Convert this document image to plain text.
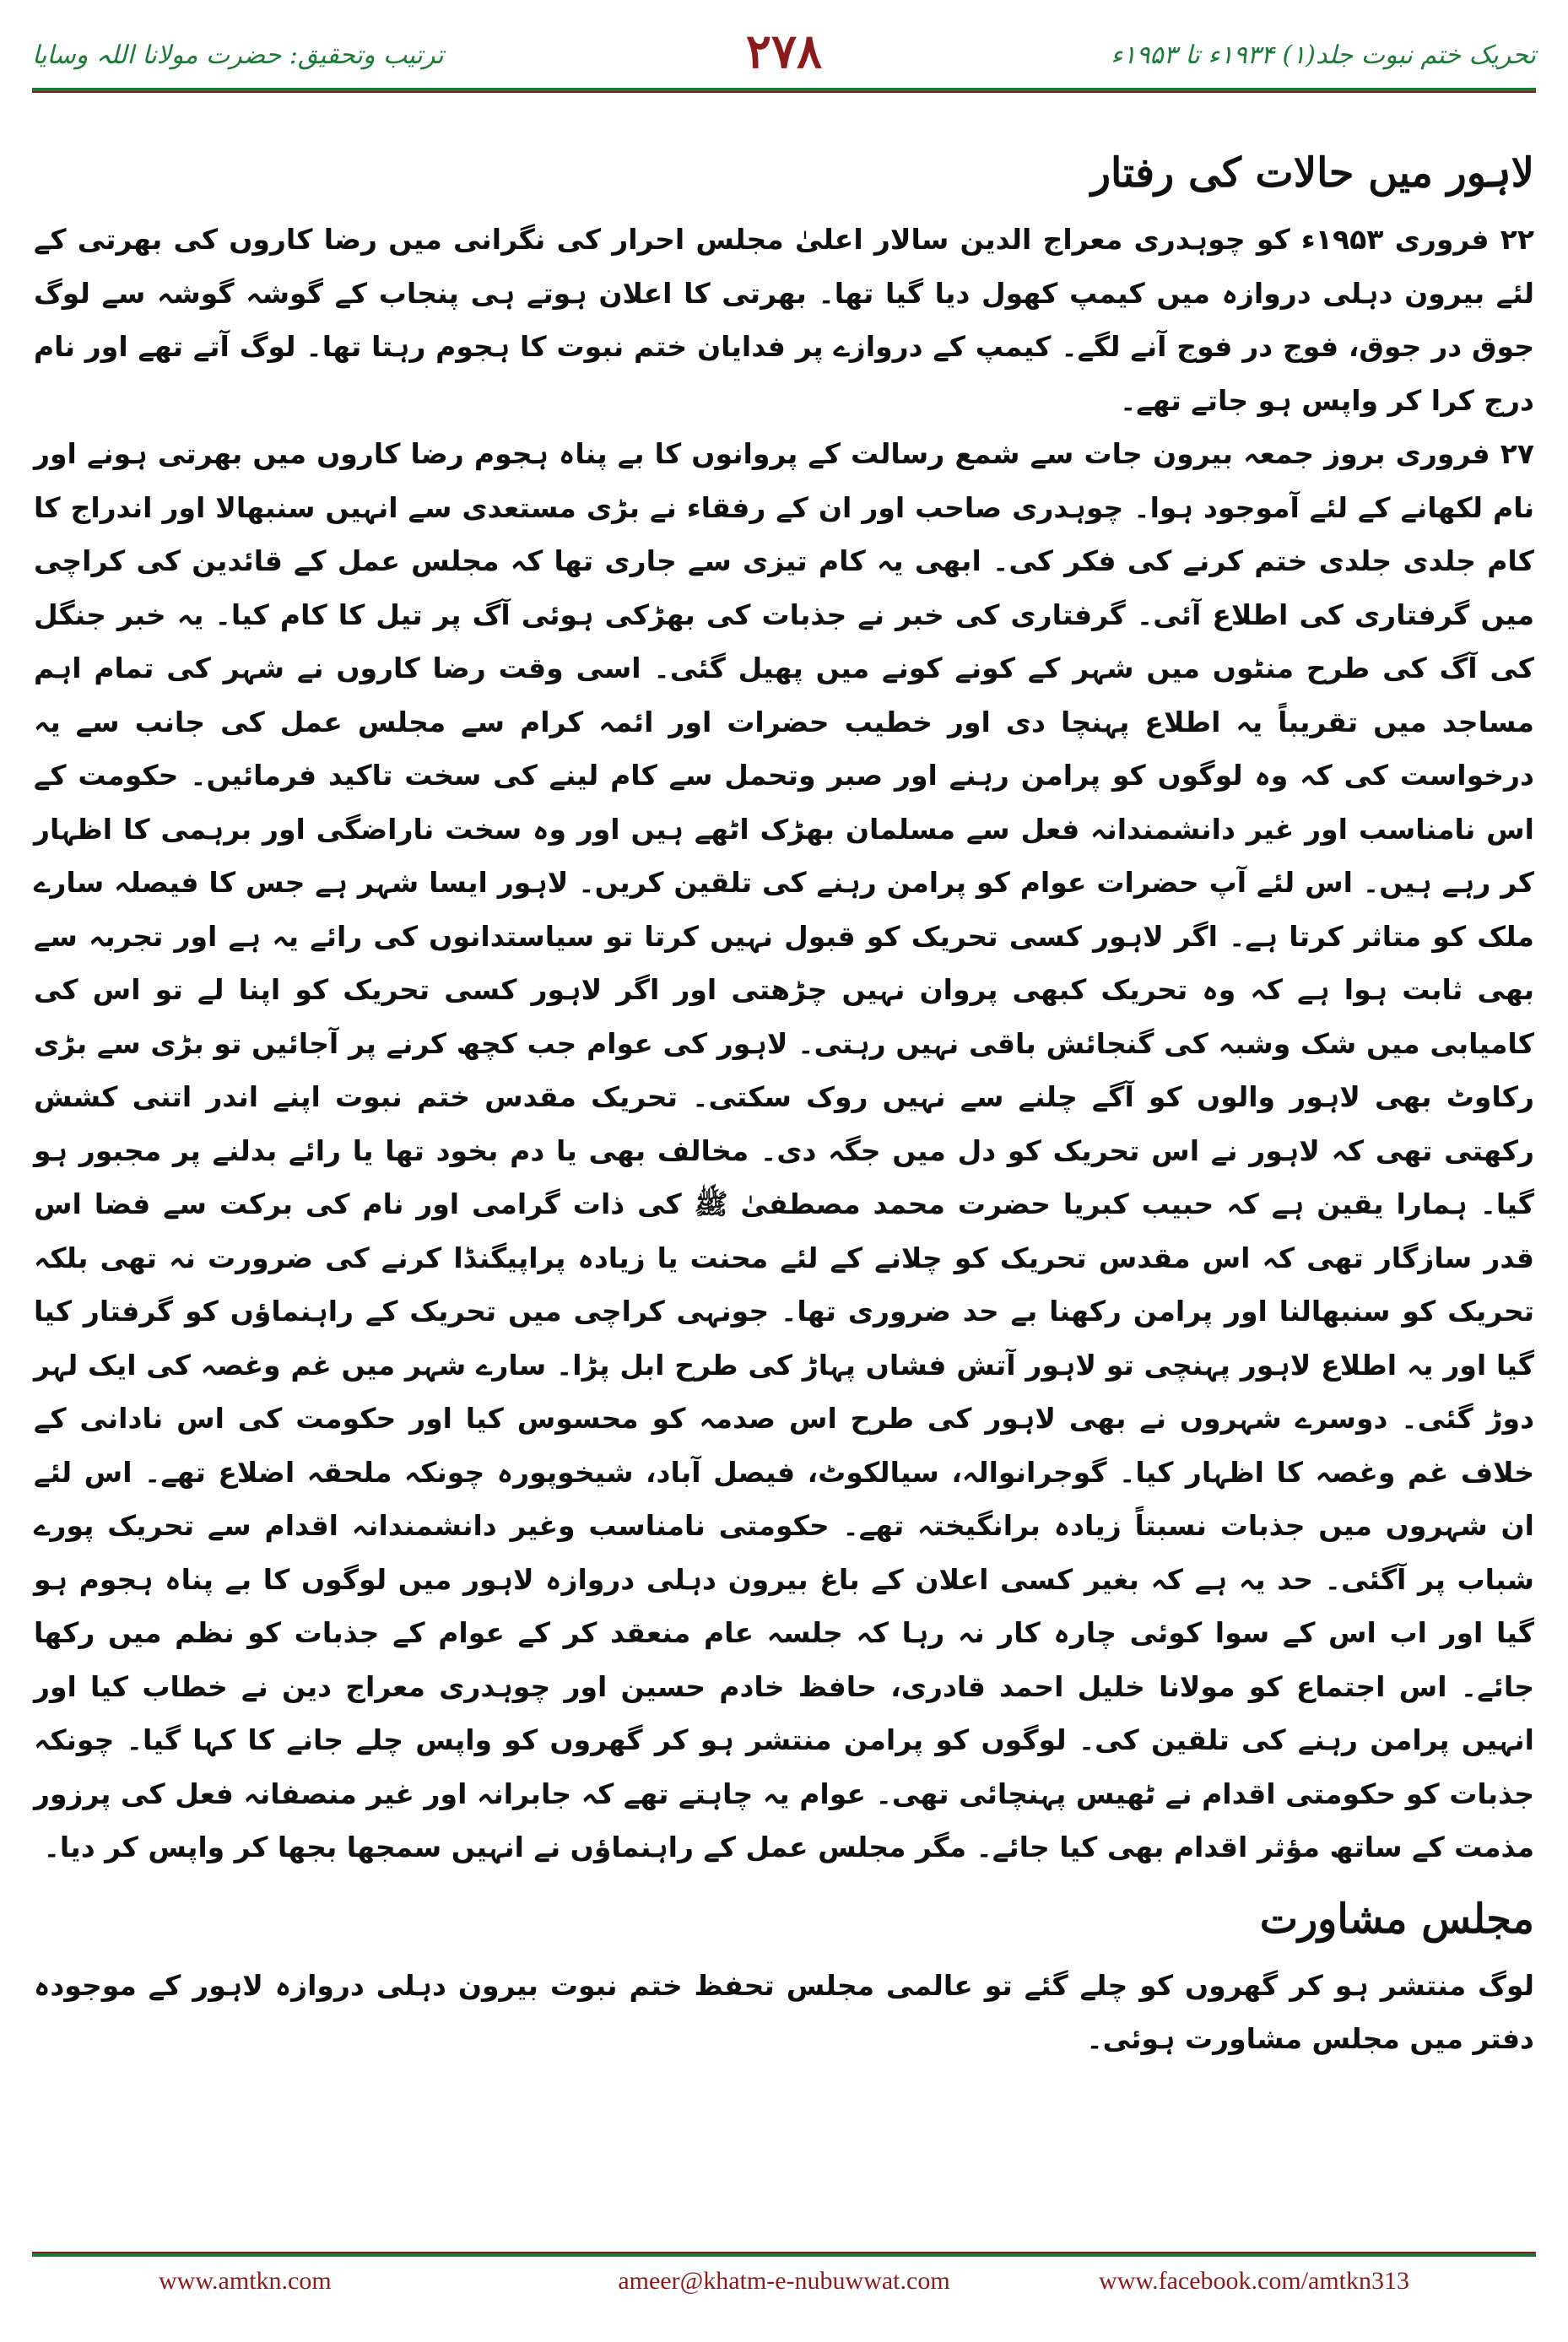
تحریک ختم نبوت جلد(۱) ۱۹۳۴ء تا ۱۹۵۳ء
۲۷۸
ترتیب وتحقیق: حضرت مولانا اللہ وسایا
لاہور میں حالات کی رفتار

۲۲ فروری ۱۹۵۳ء کو چوہدری معراج الدین سالار اعلیٰ مجلس احرار کی نگرانی میں رضا کاروں کی بھرتی کے لئے بیرون دہلی دروازہ میں کیمپ کھول دیا گیا تھا۔ بھرتی کا اعلان ہوتے ہی پنجاب کے گوشہ گوشہ سے لوگ جوق در جوق، فوج در فوج آنے لگے۔ کیمپ کے دروازے پر فدایان ختم نبوت کا ہجوم رہتا تھا۔ لوگ آتے تھے اور نام درج کرا کر واپس ہو جاتے تھے۔

۲۷ فروری بروز جمعہ بیرون جات سے شمع رسالت کے پروانوں کا بے پناہ ہجوم رضا کاروں میں بھرتی ہونے اور نام لکھانے کے لئے آموجود ہوا۔ چوہدری صاحب اور ان کے رفقاء نے بڑی مستعدی سے انہیں سنبھالا اور اندراج کا کام جلدی جلدی ختم کرنے کی فکر کی۔ ابھی یہ کام تیزی سے جاری تھا کہ مجلس عمل کے قائدین کی کراچی میں گرفتاری کی اطلاع آئی۔ گرفتاری کی خبر نے جذبات کی بھڑکی ہوئی آگ پر تیل کا کام کیا۔ یہ خبر جنگل کی آگ کی طرح منٹوں میں شہر کے کونے کونے میں پھیل گئی۔ اسی وقت رضا کاروں نے شہر کی تمام اہم مساجد میں تقریباً یہ اطلاع پہنچا دی اور خطیب حضرات اور ائمہ کرام سے مجلس عمل کی جانب سے یہ درخواست کی کہ وہ لوگوں کو پرامن رہنے اور صبر وتحمل سے کام لینے کی سخت تاکید فرمائیں۔ حکومت کے اس نامناسب اور غیر دانشمندانہ فعل سے مسلمان بھڑک اٹھے ہیں اور وہ سخت ناراضگی اور برہمی کا اظہار کر رہے ہیں۔ اس لئے آپ حضرات عوام کو پرامن رہنے کی تلقین کریں۔ لاہور ایسا شہر ہے جس کا فیصلہ سارے ملک کو متاثر کرتا ہے۔ اگر لاہور کسی تحریک کو قبول نہیں کرتا تو سیاستدانوں کی رائے یہ ہے اور تجربہ سے بھی ثابت ہوا ہے کہ وہ تحریک کبھی پروان نہیں چڑھتی اور اگر لاہور کسی تحریک کو اپنا لے تو اس کی کامیابی میں شک وشبہ کی گنجائش باقی نہیں رہتی۔ لاہور کی عوام جب کچھ کرنے پر آجائیں تو بڑی سے بڑی رکاوٹ بھی لاہور والوں کو آگے چلنے سے نہیں روک سکتی۔ تحریک مقدس ختم نبوت اپنے اندر اتنی کشش رکھتی تھی کہ لاہور نے اس تحریک کو دل میں جگہ دی۔ مخالف بھی یا دم بخود تھا یا رائے بدلنے پر مجبور ہو گیا۔ ہمارا یقین ہے کہ حبیب کبریا حضرت محمد مصطفیٰ ﷺ کی ذات گرامی اور نام کی برکت سے فضا اس قدر سازگار تھی کہ اس مقدس تحریک کو چلانے کے لئے محنت یا زیادہ پراپیگنڈا کرنے کی ضرورت نہ تھی بلکہ تحریک کو سنبھالنا اور پرامن رکھنا بے حد ضروری تھا۔ جونہی کراچی میں تحریک کے راہنماؤں کو گرفتار کیا گیا اور یہ اطلاع لاہور پہنچی تو لاہور آتش فشاں پہاڑ کی طرح ابل پڑا۔ سارے شہر میں غم وغصہ کی ایک لہر دوڑ گئی۔ دوسرے شہروں نے بھی لاہور کی طرح اس صدمہ کو محسوس کیا اور حکومت کی اس نادانی کے خلاف غم وغصہ کا اظہار کیا۔ گوجرانوالہ، سیالکوٹ، فیصل آباد، شیخوپورہ چونکہ ملحقہ اضلاع تھے۔ اس لئے ان شہروں میں جذبات نسبتاً زیادہ برانگیختہ تھے۔ حکومتی نامناسب وغیر دانشمندانہ اقدام سے تحریک پورے شباب پر آگئی۔ حد یہ ہے کہ بغیر کسی اعلان کے باغ بیرون دہلی دروازہ لاہور میں لوگوں کا بے پناہ ہجوم ہو گیا اور اب اس کے سوا کوئی چارہ کار نہ رہا کہ جلسہ عام منعقد کر کے عوام کے جذبات کو نظم میں رکھا جائے۔ اس اجتماع کو مولانا خلیل احمد قادری، حافظ خادم حسین اور چوہدری معراج دین نے خطاب کیا اور انہیں پرامن رہنے کی تلقین کی۔ لوگوں کو پرامن منتشر ہو کر گھروں کو واپس چلے جانے کا کہا گیا۔ چونکہ جذبات کو حکومتی اقدام نے ٹھیس پہنچائی تھی۔ عوام یہ چاہتے تھے کہ جابرانہ اور غیر منصفانہ فعل کی پرزور مذمت کے ساتھ مؤثر اقدام بھی کیا جائے۔ مگر مجلس عمل کے راہنماؤں نے انہیں سمجھا بجھا کر واپس کر دیا۔

مجلس مشاورت

لوگ منتشر ہو کر گھروں کو چلے گئے تو عالمی مجلس تحفظ ختم نبوت بیرون دہلی دروازہ لاہور کے موجودہ دفتر میں مجلس مشاورت ہوئی۔

www.amtkn.com	ameer@khatm-e-nubuwwat.com	www.facebook.com/amtkn313
